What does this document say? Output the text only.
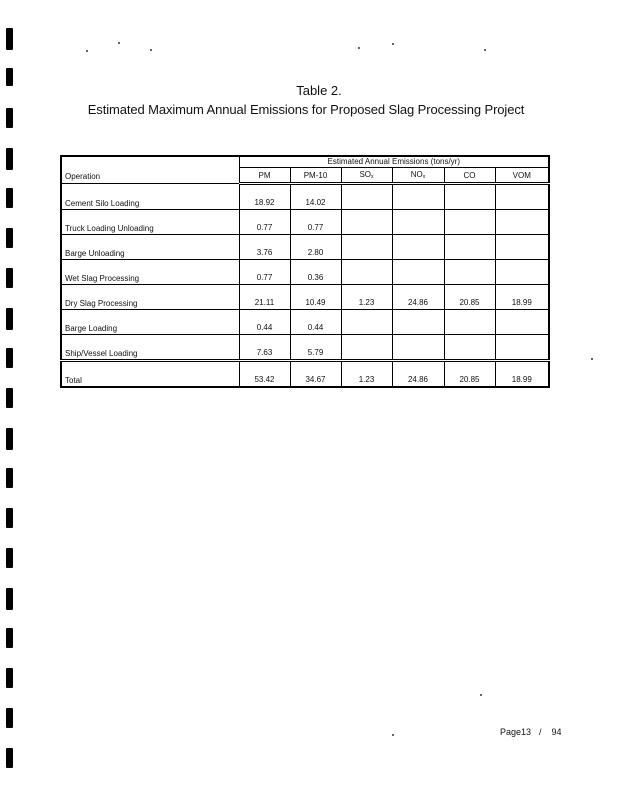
Table 2.
Estimated Maximum Annual Emissions for Proposed Slag Processing Project
Operation	Estimated Annual Emissions (tons/yr)					
	PM	PM-10	$SO_x$	$NO_x$	CO	VOM
Cement Silo Loading	18.92	14.02				
Truck Loading Unloading	0.77	0.77				
Barge Unloading	3.76	2.80				
Wet Slag Processing	0.77	0.36				
Dry Slag Processing	21.11	10.49	1.23	24.86	20.85	18.99
Barge Loading	0.44	0.44				
Ship/Vessel Loading	7.63	5.79				
Total	53.42	34.67	1.23	24.86	20.85	18.99
Page13 / 94
